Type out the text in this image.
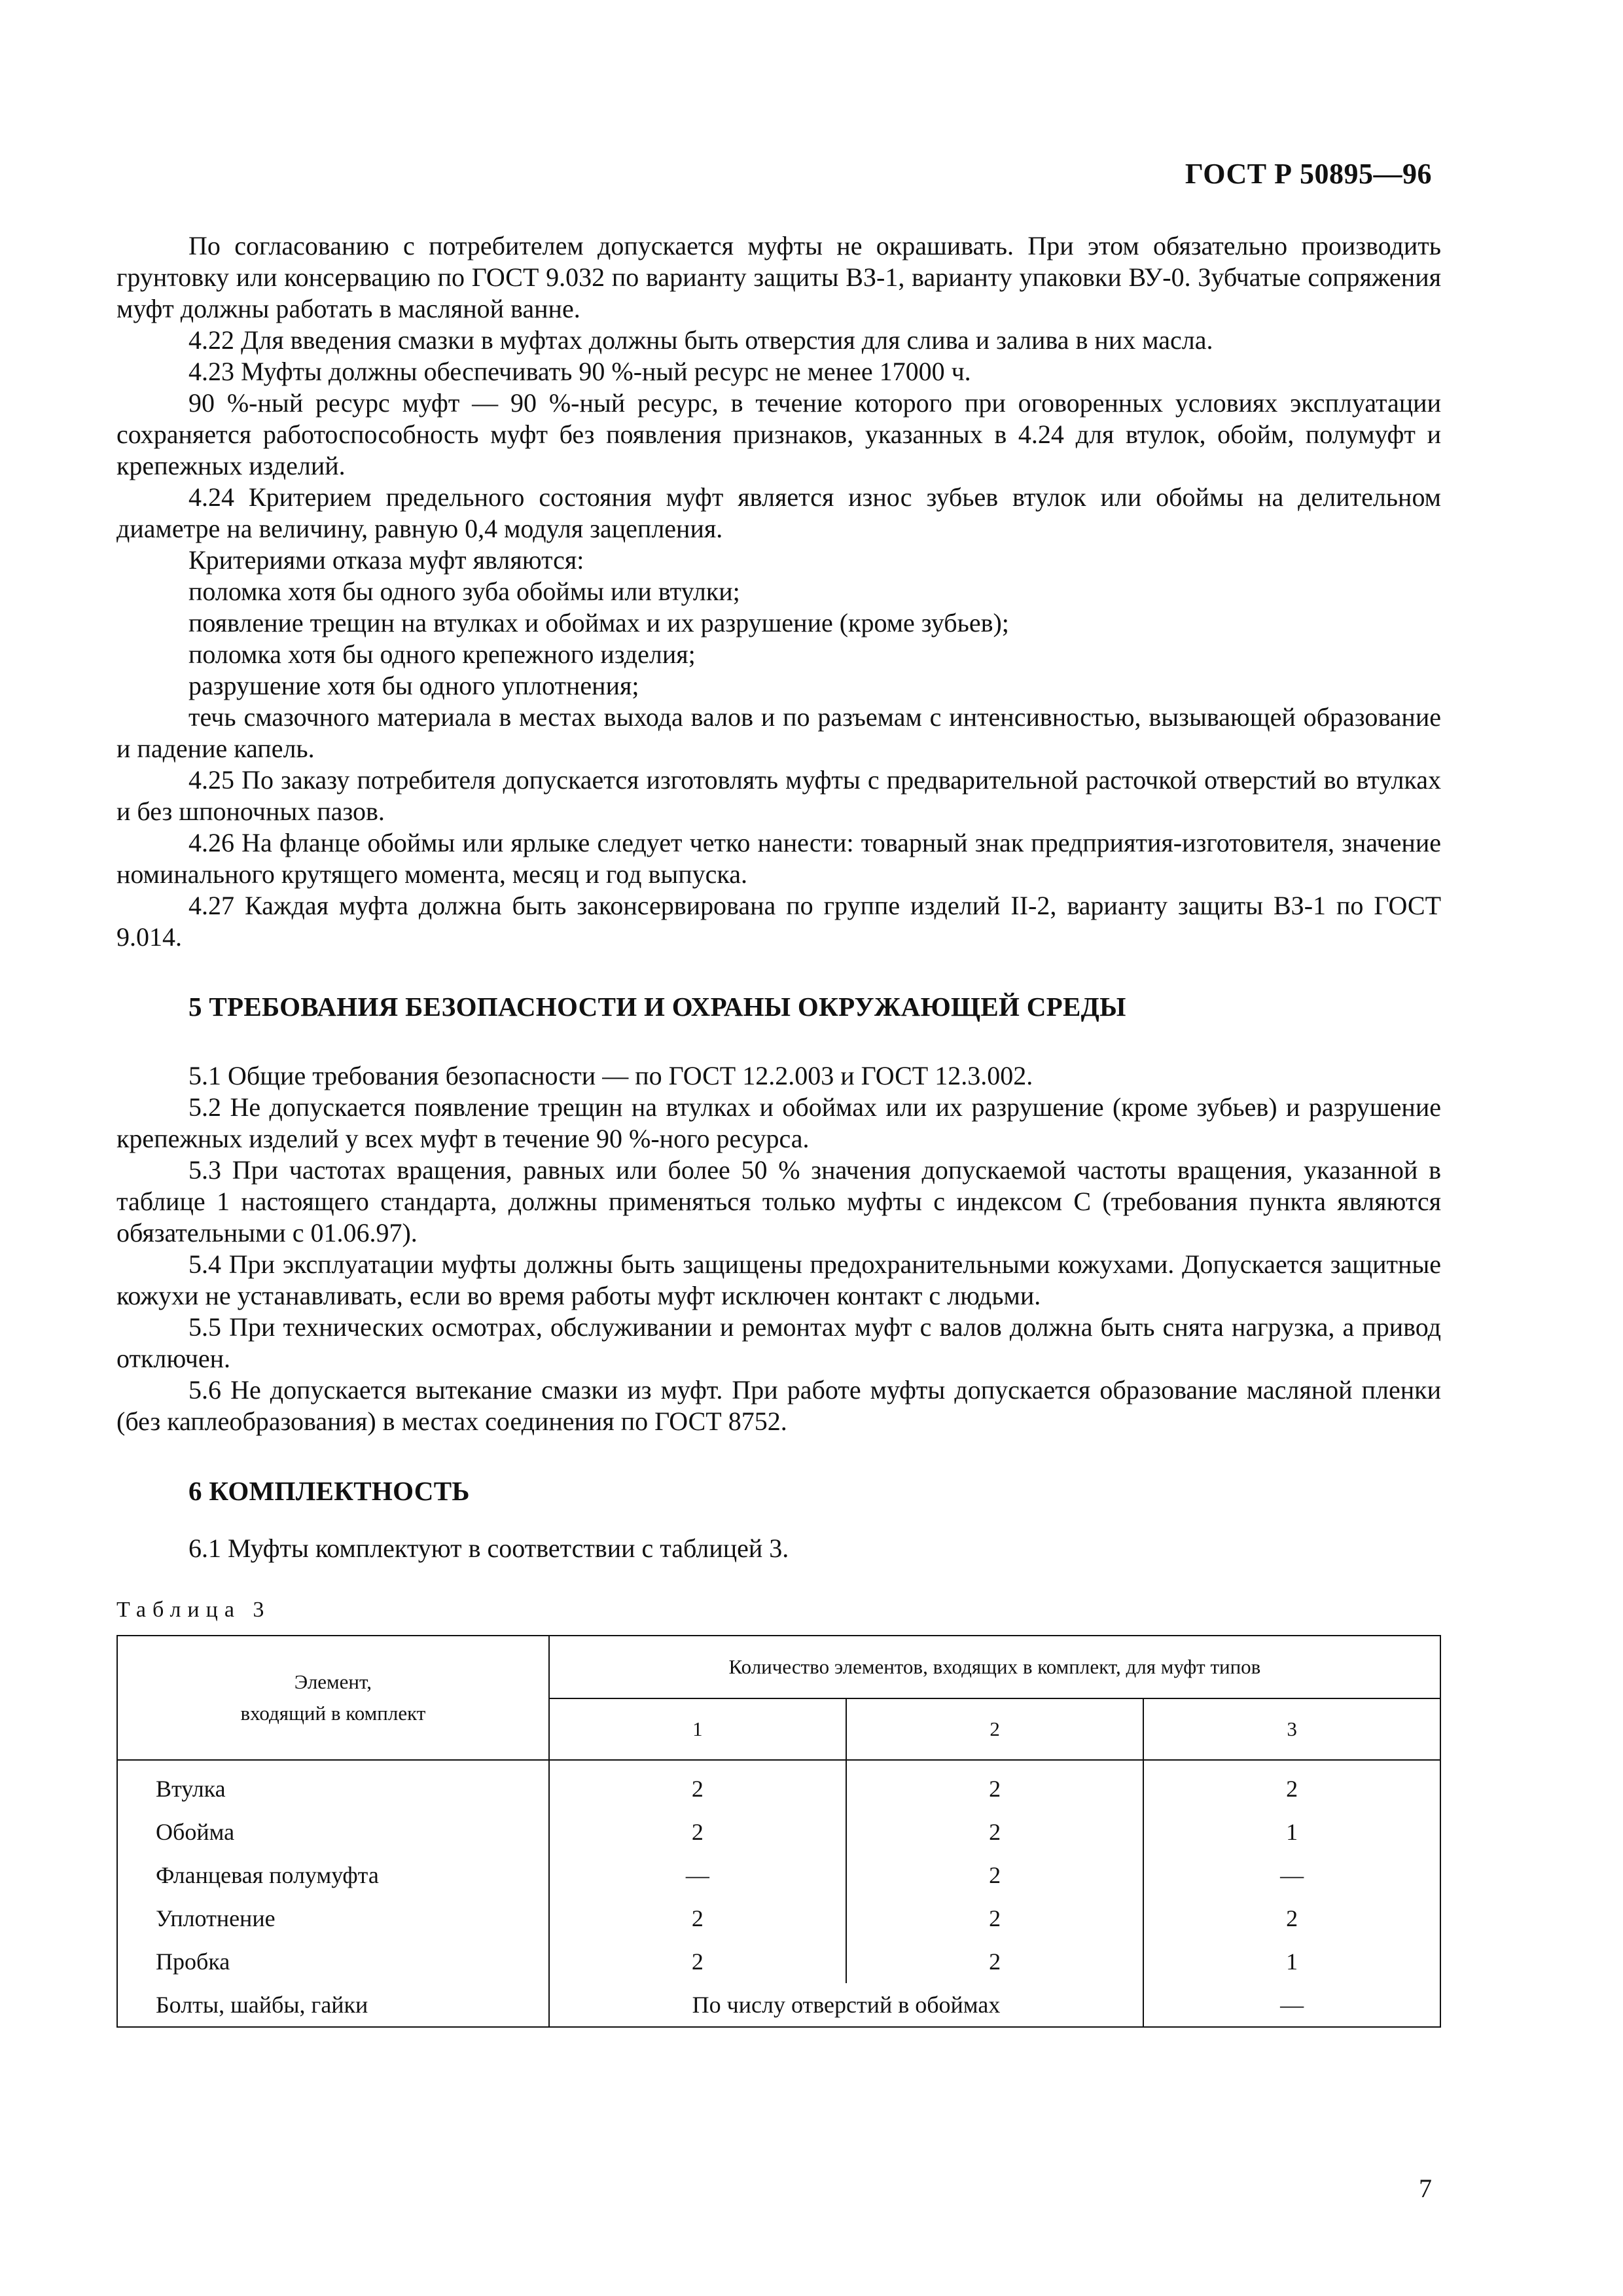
ГОСТ Р 50895—96

По согласованию с потребителем допускается муфты не окрашивать. При этом обязательно производить грунтовку или консервацию по ГОСТ 9.032 по варианту защиты ВЗ-1, варианту упаковки ВУ-0. Зубчатые сопряжения муфт должны работать в масляной ванне.

4.22 Для введения смазки в муфтах должны быть отверстия для слива и залива в них масла.

4.23 Муфты должны обеспечивать 90 %-ный ресурс не менее 17000 ч.

90 %-ный ресурс муфт — 90 %-ный ресурс, в течение которого при оговоренных условиях эксплуатации сохраняется работоспособность муфт без появления признаков, указанных в 4.24 для втулок, обойм, полумуфт и крепежных изделий.

4.24 Критерием предельного состояния муфт является износ зубьев втулок или обоймы на делительном диаметре на величину, равную 0,4 модуля зацепления.

Критериями отказа муфт являются:

поломка хотя бы одного зуба обоймы или втулки;

появление трещин на втулках и обоймах и их разрушение (кроме зубьев);

поломка хотя бы одного крепежного изделия;

разрушение хотя бы одного уплотнения;

течь смазочного материала в местах выхода валов и по разъемам с интенсивностью, вызывающей образование и падение капель.

4.25 По заказу потребителя допускается изготовлять муфты с предварительной расточкой отверстий во втулках и без шпоночных пазов.

4.26 На фланце обоймы или ярлыке следует четко нанести: товарный знак предприятия-изготовителя, значение номинального крутящего момента, месяц и год выпуска.

4.27 Каждая муфта должна быть законсервирована по группе изделий II-2, варианту защиты ВЗ-1 по ГОСТ 9.014.

5 ТРЕБОВАНИЯ БЕЗОПАСНОСТИ И ОХРАНЫ ОКРУЖАЮЩЕЙ СРЕДЫ

5.1 Общие требования безопасности — по ГОСТ 12.2.003 и ГОСТ 12.3.002.

5.2 Не допускается появление трещин на втулках и обоймах или их разрушение (кроме зубьев) и разрушение крепежных изделий у всех муфт в течение 90 %-ного ресурса.

5.3 При частотах вращения, равных или более 50 % значения допускаемой частоты вращения, указанной в таблице 1 настоящего стандарта, должны применяться только муфты с индексом С (требования пункта являются обязательными с 01.06.97).

5.4 При эксплуатации муфты должны быть защищены предохранительными кожухами. Допускается защитные кожухи не устанавливать, если во время работы муфт исключен контакт с людьми.

5.5 При технических осмотрах, обслуживании и ремонтах муфт с валов должна быть снята нагрузка, а привод отключен.

5.6 Не допускается вытекание смазки из муфт. При работе муфты допускается образование масляной пленки (без каплеобразования) в местах соединения по ГОСТ 8752.

6 КОМПЛЕКТНОСТЬ

6.1 Муфты комплектуют в соответствии с таблицей 3.

Таблица 3
Элемент,
входящий в комплект	Количество элементов, входящих в комплект, для муфт типов		
	1	2	3
Втулка	2	2	2
Обойма	2	2	1
Фланцевая полумуфта	—	2	—
Уплотнение	2	2	2
Пробка	2	2	1
Болты, шайбы, гайки	По числу отверстий в обоймах		—
7
